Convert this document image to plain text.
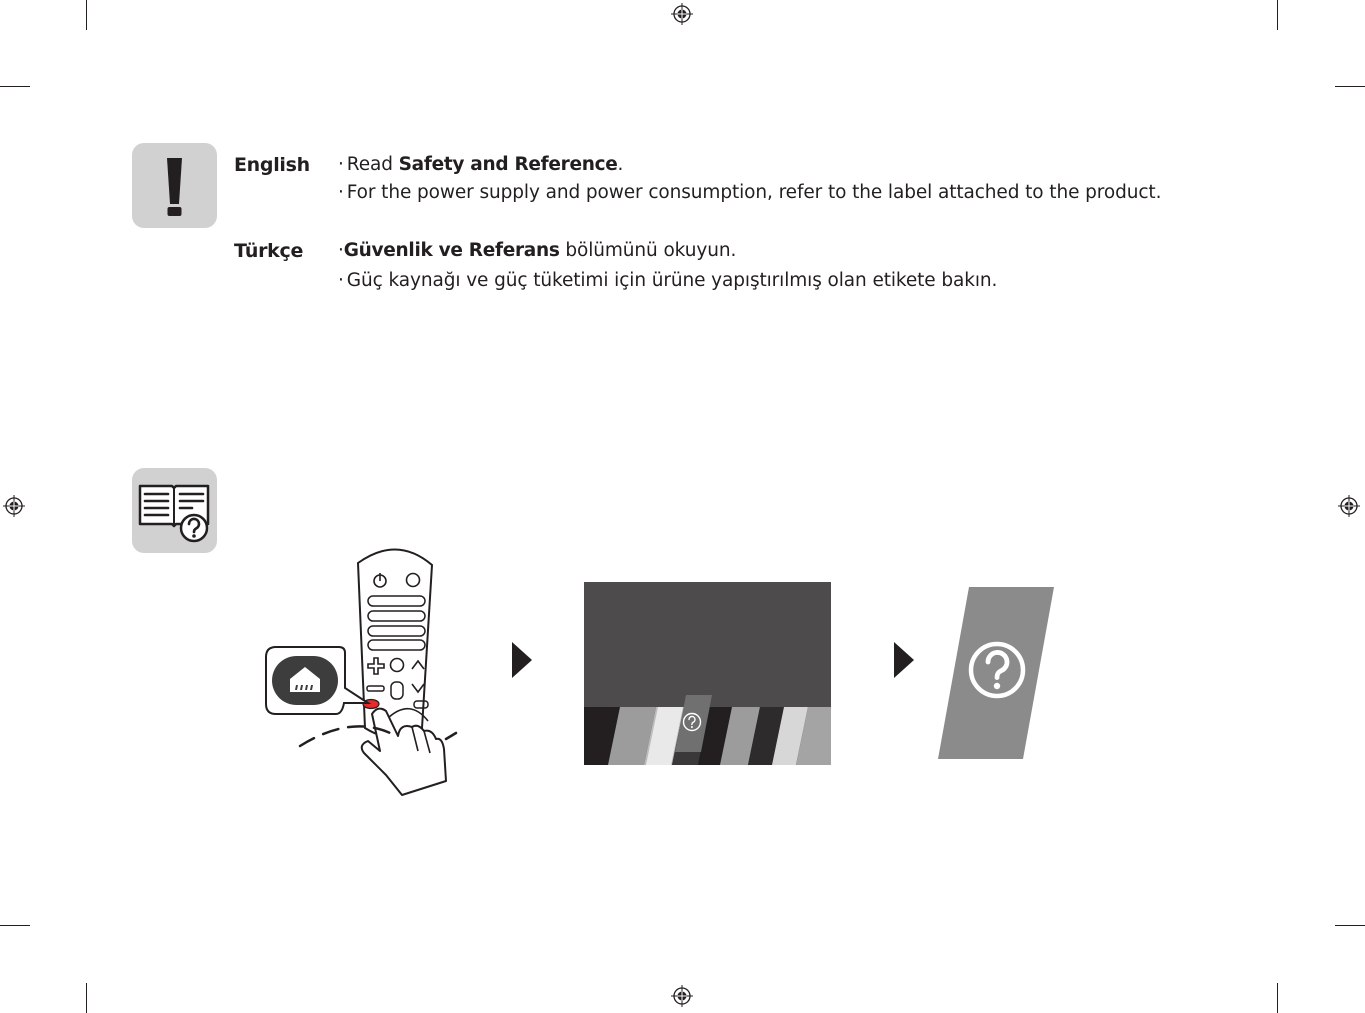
English · Read Safety and Reference.
· For the power supply and power consumption, refer to the label attached to the product.
Türkçe ·Güvenlik ve Referans bölümünü okuyun.
· Güç kaynağı ve güç tüketimi için ürüne yapıştırılmış olan etikete bakın.
